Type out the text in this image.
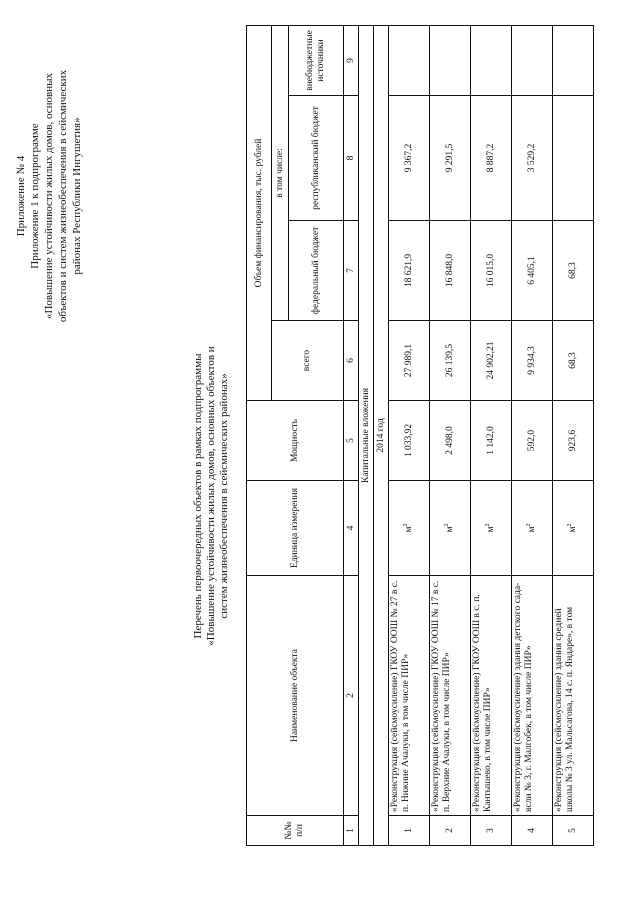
Приложение № 4 Приложение 1 к подпрограмме «Повышение устойчивости жилых домов, основных объектов и систем жизнеобеспечения в сейсмических районах Республики Ингушетия»
Перечень первоочередных объектов в рамках подпрограммы «Повышение устойчивости жилых домов, основных объектов и систем жизнеобеспечения в сейсмических районах»
№№ п/п	Наименование объекта	Единица измерения	Мощность	Объем финансирования, тыс. рублей			
				всего	в том числе:		
					федеральный бюджет	республиканский бюджет	внебюджетные источники
1	2	4	5	6	7	8	9
Капитальные вложения							
2014 год							
1	«Реконструкция (сейсмоусиление) ГКОУ ООШ № 27 в с. п. Нижние Ачалуки, в том числе ПИР»	$м^2$	1 033,92	27 989,1	18 621,9	9 367,2	
2	«Реконструкция (сейсмоусиление) ГКОУ ООШ № 17 в с. п. Верхние Ачалуки, в том числе ПИР»	$м^2$	2 498,0	26 139,5	16 848,0	9 291,5	
3	«Реконструкция (сейсмоусиление) ГКОУ ООШ в с. п. Кантышево, в том числе ПИР»	$м^2$	1 142,0	24 902,21	16 015,0	8 887,2	
4	«Реконструкция (сейсмоусиление) здания детского сада-ясли № 3, г. Малгобек, в том числе ПИР»	$м^2$	592,0	9 934,3	6 405,1	3 529,2	
5	«Реконструкция (сейсмоусиление) здания средней школы № 3 ул. Мальсагова, 14 с. п. Яндаре», в том	$м^2$	923,6	68,3	68,3		
